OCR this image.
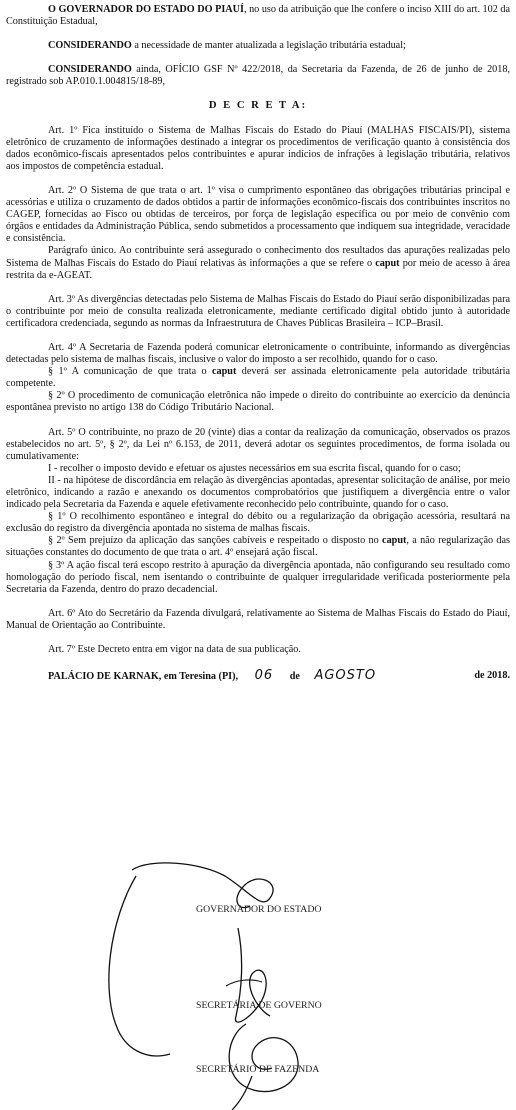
O GOVERNADOR DO ESTADO DO PIAUÍ, no uso da atribuição que lhe confere o inciso XIII do art. 102 da Constituição Estadual,

CONSIDERANDO a necessidade de manter atualizada a legislação tributária estadual;

CONSIDERANDO ainda, OFÍCIO GSF Nº 422/2018, da Secretaria da Fazenda, de 26 de junho de 2018, registrado sob AP.010.1.004815/18-89,

D E C R E T A:

Art. 1º Fica instituído o Sistema de Malhas Fiscais do Estado do Piauí (MALHAS FISCAIS/PI), sistema eletrônico de cruzamento de informações destinado a integrar os procedimentos de verificação quanto à consistência dos dados econômico-fiscais apresentados pelos contribuintes e apurar indícios de infrações à legislação tributária, relativos aos impostos de competência estadual.

Art. 2º O Sistema de que trata o art. 1º visa o cumprimento espontâneo das obrigações tributárias principal e acessórias e utiliza o cruzamento de dados obtidos a partir de informações econômico-fiscais dos contribuintes inscritos no CAGEP, fornecidas ao Fisco ou obtidas de terceiros, por força de legislação específica ou por meio de convênio com órgãos e entidades da Administração Pública, sendo submetidos a processamento que indiquem sua integridade, veracidade e consistência.

Parágrafo único. Ao contribuinte será assegurado o conhecimento dos resultados das apurações realizadas pelo Sistema de Malhas Fiscais do Estado do Piauí relativas às informações a que se refere o caput por meio de acesso à área restrita da e-AGEAT.

Art. 3º As divergências detectadas pelo Sistema de Malhas Fiscais do Estado do Piauí serão disponibilizadas para o contribuinte por meio de consulta realizada eletronicamente, mediante certificado digital obtido junto à autoridade certificadora credenciada, segundo as normas da Infraestrutura de Chaves Públicas Brasileira – ICP–Brasil.

Art. 4º A Secretaria de Fazenda poderá comunicar eletronicamente o contribuinte, informando as divergências detectadas pelo sistema de malhas fiscais, inclusive o valor do imposto a ser recolhido, quando for o caso.

§ 1º A comunicação de que trata o caput deverá ser assinada eletronicamente pela autoridade tributária competente.

§ 2º O procedimento de comunicação eletrônica não impede o direito do contribuinte ao exercício da denúncia espontânea previsto no artigo 138 do Código Tributário Nacional.

Art. 5º O contribuinte, no prazo de 20 (vinte) dias a contar da realização da comunicação, observados os prazos estabelecidos no art. 5º, § 2º, da Lei nº 6.153, de 2011, deverá adotar os seguintes procedimentos, de forma isolada ou cumulativamente:

I - recolher o imposto devido e efetuar os ajustes necessários em sua escrita fiscal, quando for o caso;

II - na hipótese de discordância em relação às divergências apontadas, apresentar solicitação de análise, por meio eletrônico, indicando a razão e anexando os documentos comprobatórios que justifiquem a divergência entre o valor indicado pela Secretaria da Fazenda e aquele efetivamente reconhecido pelo contribuinte, quando for o caso.

§ 1º O recolhimento espontâneo e integral do débito ou a regularização da obrigação acessória, resultará na exclusão do registro da divergência apontada no sistema de malhas fiscais.

§ 2º Sem prejuízo da aplicação das sanções cabíveis e respeitado o disposto no caput, a não regularização das situações constantes do documento de que trata o art. 4º ensejará ação fiscal.

§ 3º A ação fiscal terá escopo restrito à apuração da divergência apontada, não configurando seu resultado como homologação do período fiscal, nem isentando o contribuinte de qualquer irregularidade verificada posteriormente pela Secretaria da Fazenda, dentro do prazo decadencial.

Art. 6º Ato do Secretário da Fazenda divulgará, relativamente ao Sistema de Malhas Fiscais do Estado do Piauí, Manual de Orientação ao Contribuinte.

Art. 7º Este Decreto entra em vigor na data de sua publicação.

PALÁCIO DE KARNAK, em Teresina (PI), 06 de AGOSTO	de 2018.

GOVERNADOR DO ESTADO
SECRETÁRIA DE GOVERNO
SECRETÁRIO DE FAZENDA
